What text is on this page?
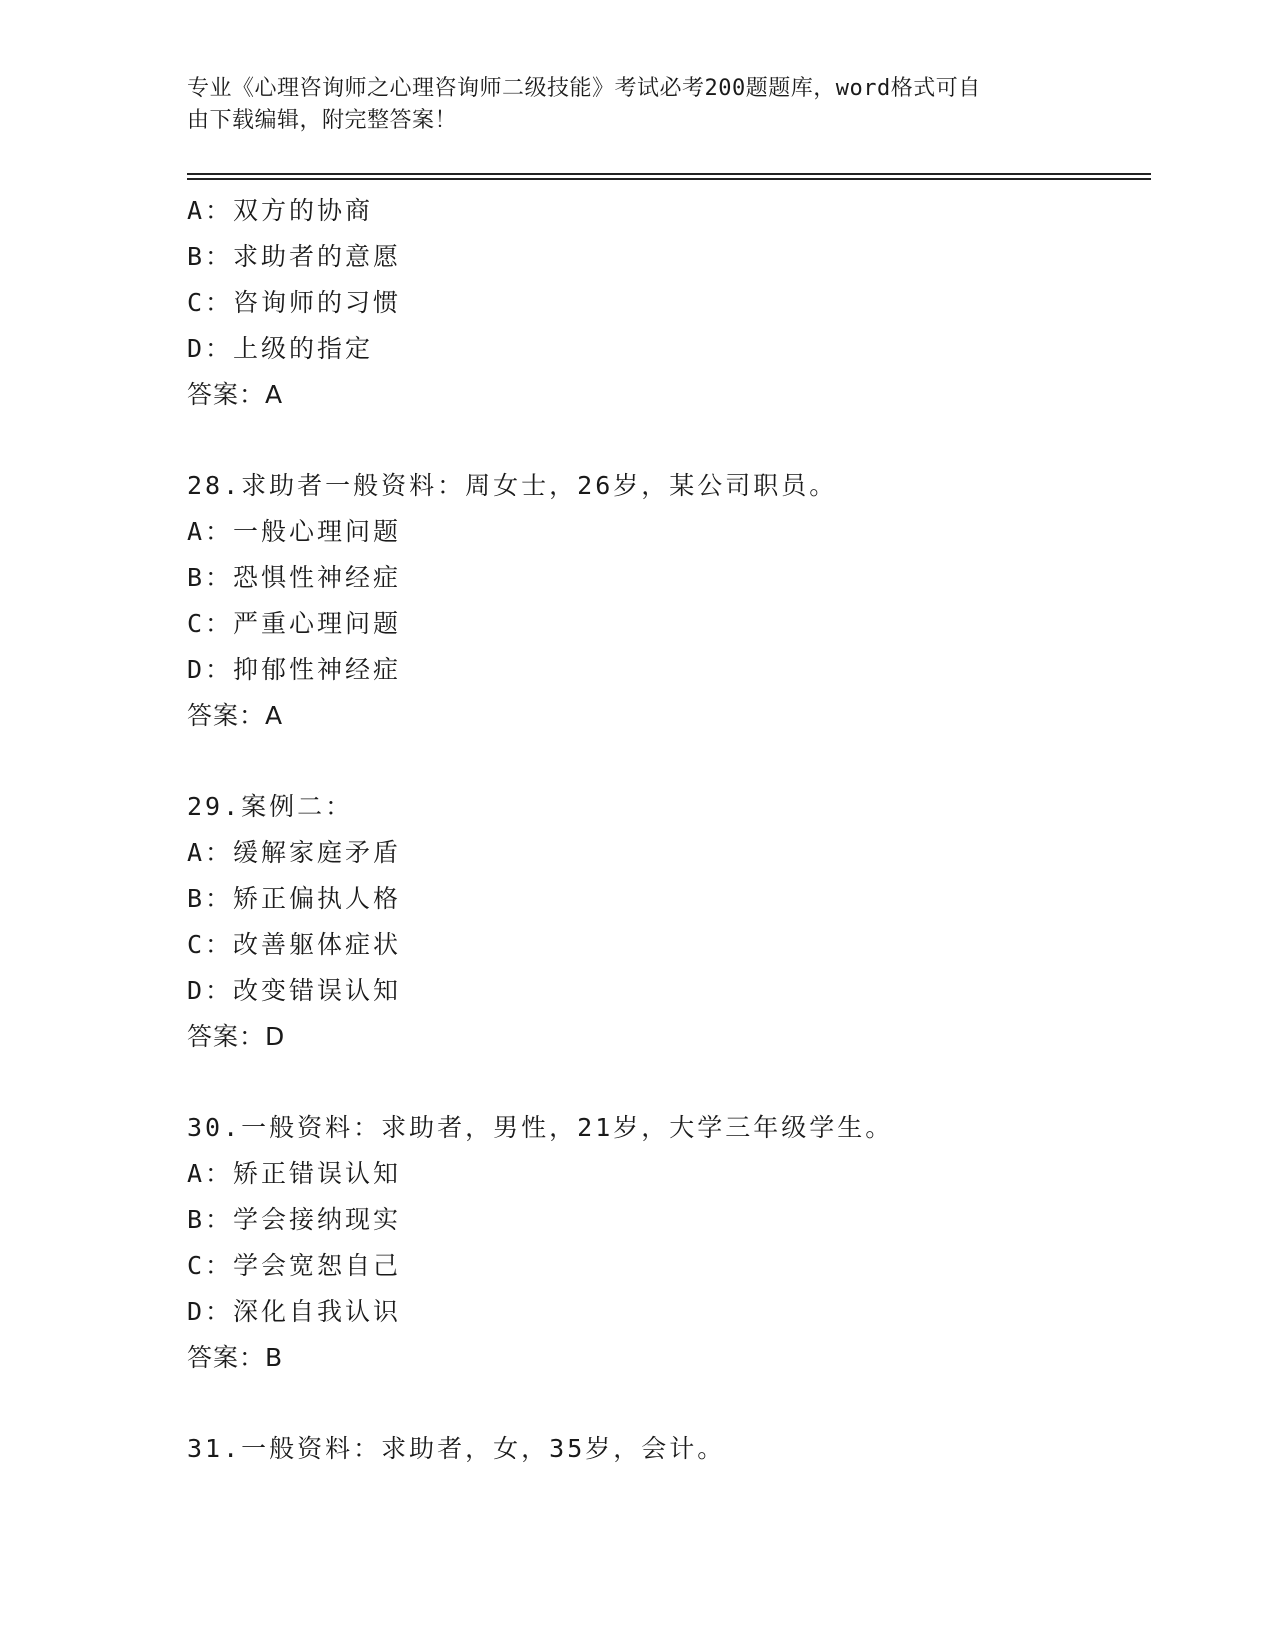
专业《心理咨询师之心理咨询师二级技能》考试必考200题题库，word格式可自
由下载编辑，附完整答案！
A：双方的协商
B：求助者的意愿
C：咨询师的习惯
D：上级的指定
答案：A
28.求助者一般资料：周女士，26岁，某公司职员。
A：一般心理问题
B：恐惧性神经症
C：严重心理问题
D：抑郁性神经症
答案：A
29.案例二：
A：缓解家庭矛盾
B：矫正偏执人格
C：改善躯体症状
D：改变错误认知
答案：D
30.一般资料：求助者，男性，21岁，大学三年级学生。
A：矫正错误认知
B：学会接纳现实
C：学会宽恕自己
D：深化自我认识
答案：B
31.一般资料：求助者，女，35岁，会计。
